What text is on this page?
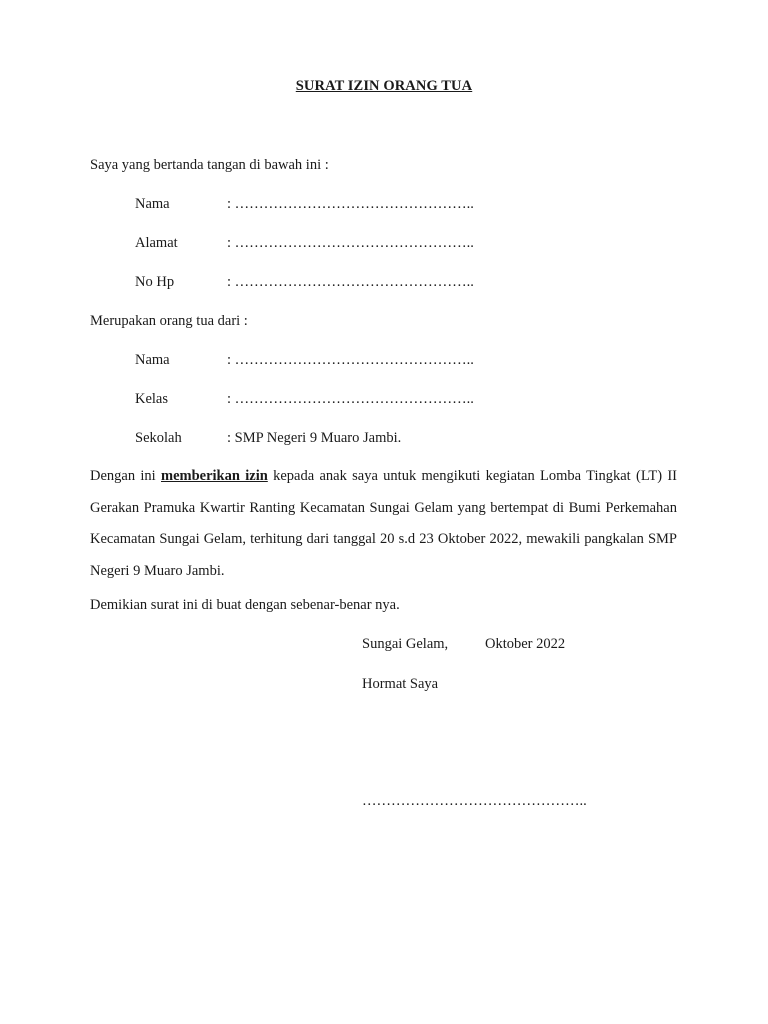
SURAT IZIN ORANG TUA
Saya yang bertanda tangan di bawah ini :
Nama	: …………………………………………..
Alamat	: …………………………………………..
No Hp	: …………………………………………..
Merupakan orang tua dari :
Nama	: …………………………………………..
Kelas	: …………………………………………..
Sekolah	: SMP Negeri 9 Muaro Jambi.
Dengan ini memberikan izin kepada anak saya untuk mengikuti kegiatan Lomba Tingkat (LT) II Gerakan Pramuka Kwartir Ranting Kecamatan Sungai Gelam yang bertempat di Bumi Perkemahan Kecamatan Sungai Gelam, terhitung dari tanggal 20 s.d 23 Oktober 2022, mewakili pangkalan SMP Negeri 9 Muaro Jambi.
Demikian surat ini di buat dengan sebenar-benar nya.
Sungai Gelam,	Oktober 2022
Hormat Saya
………………………………………..
